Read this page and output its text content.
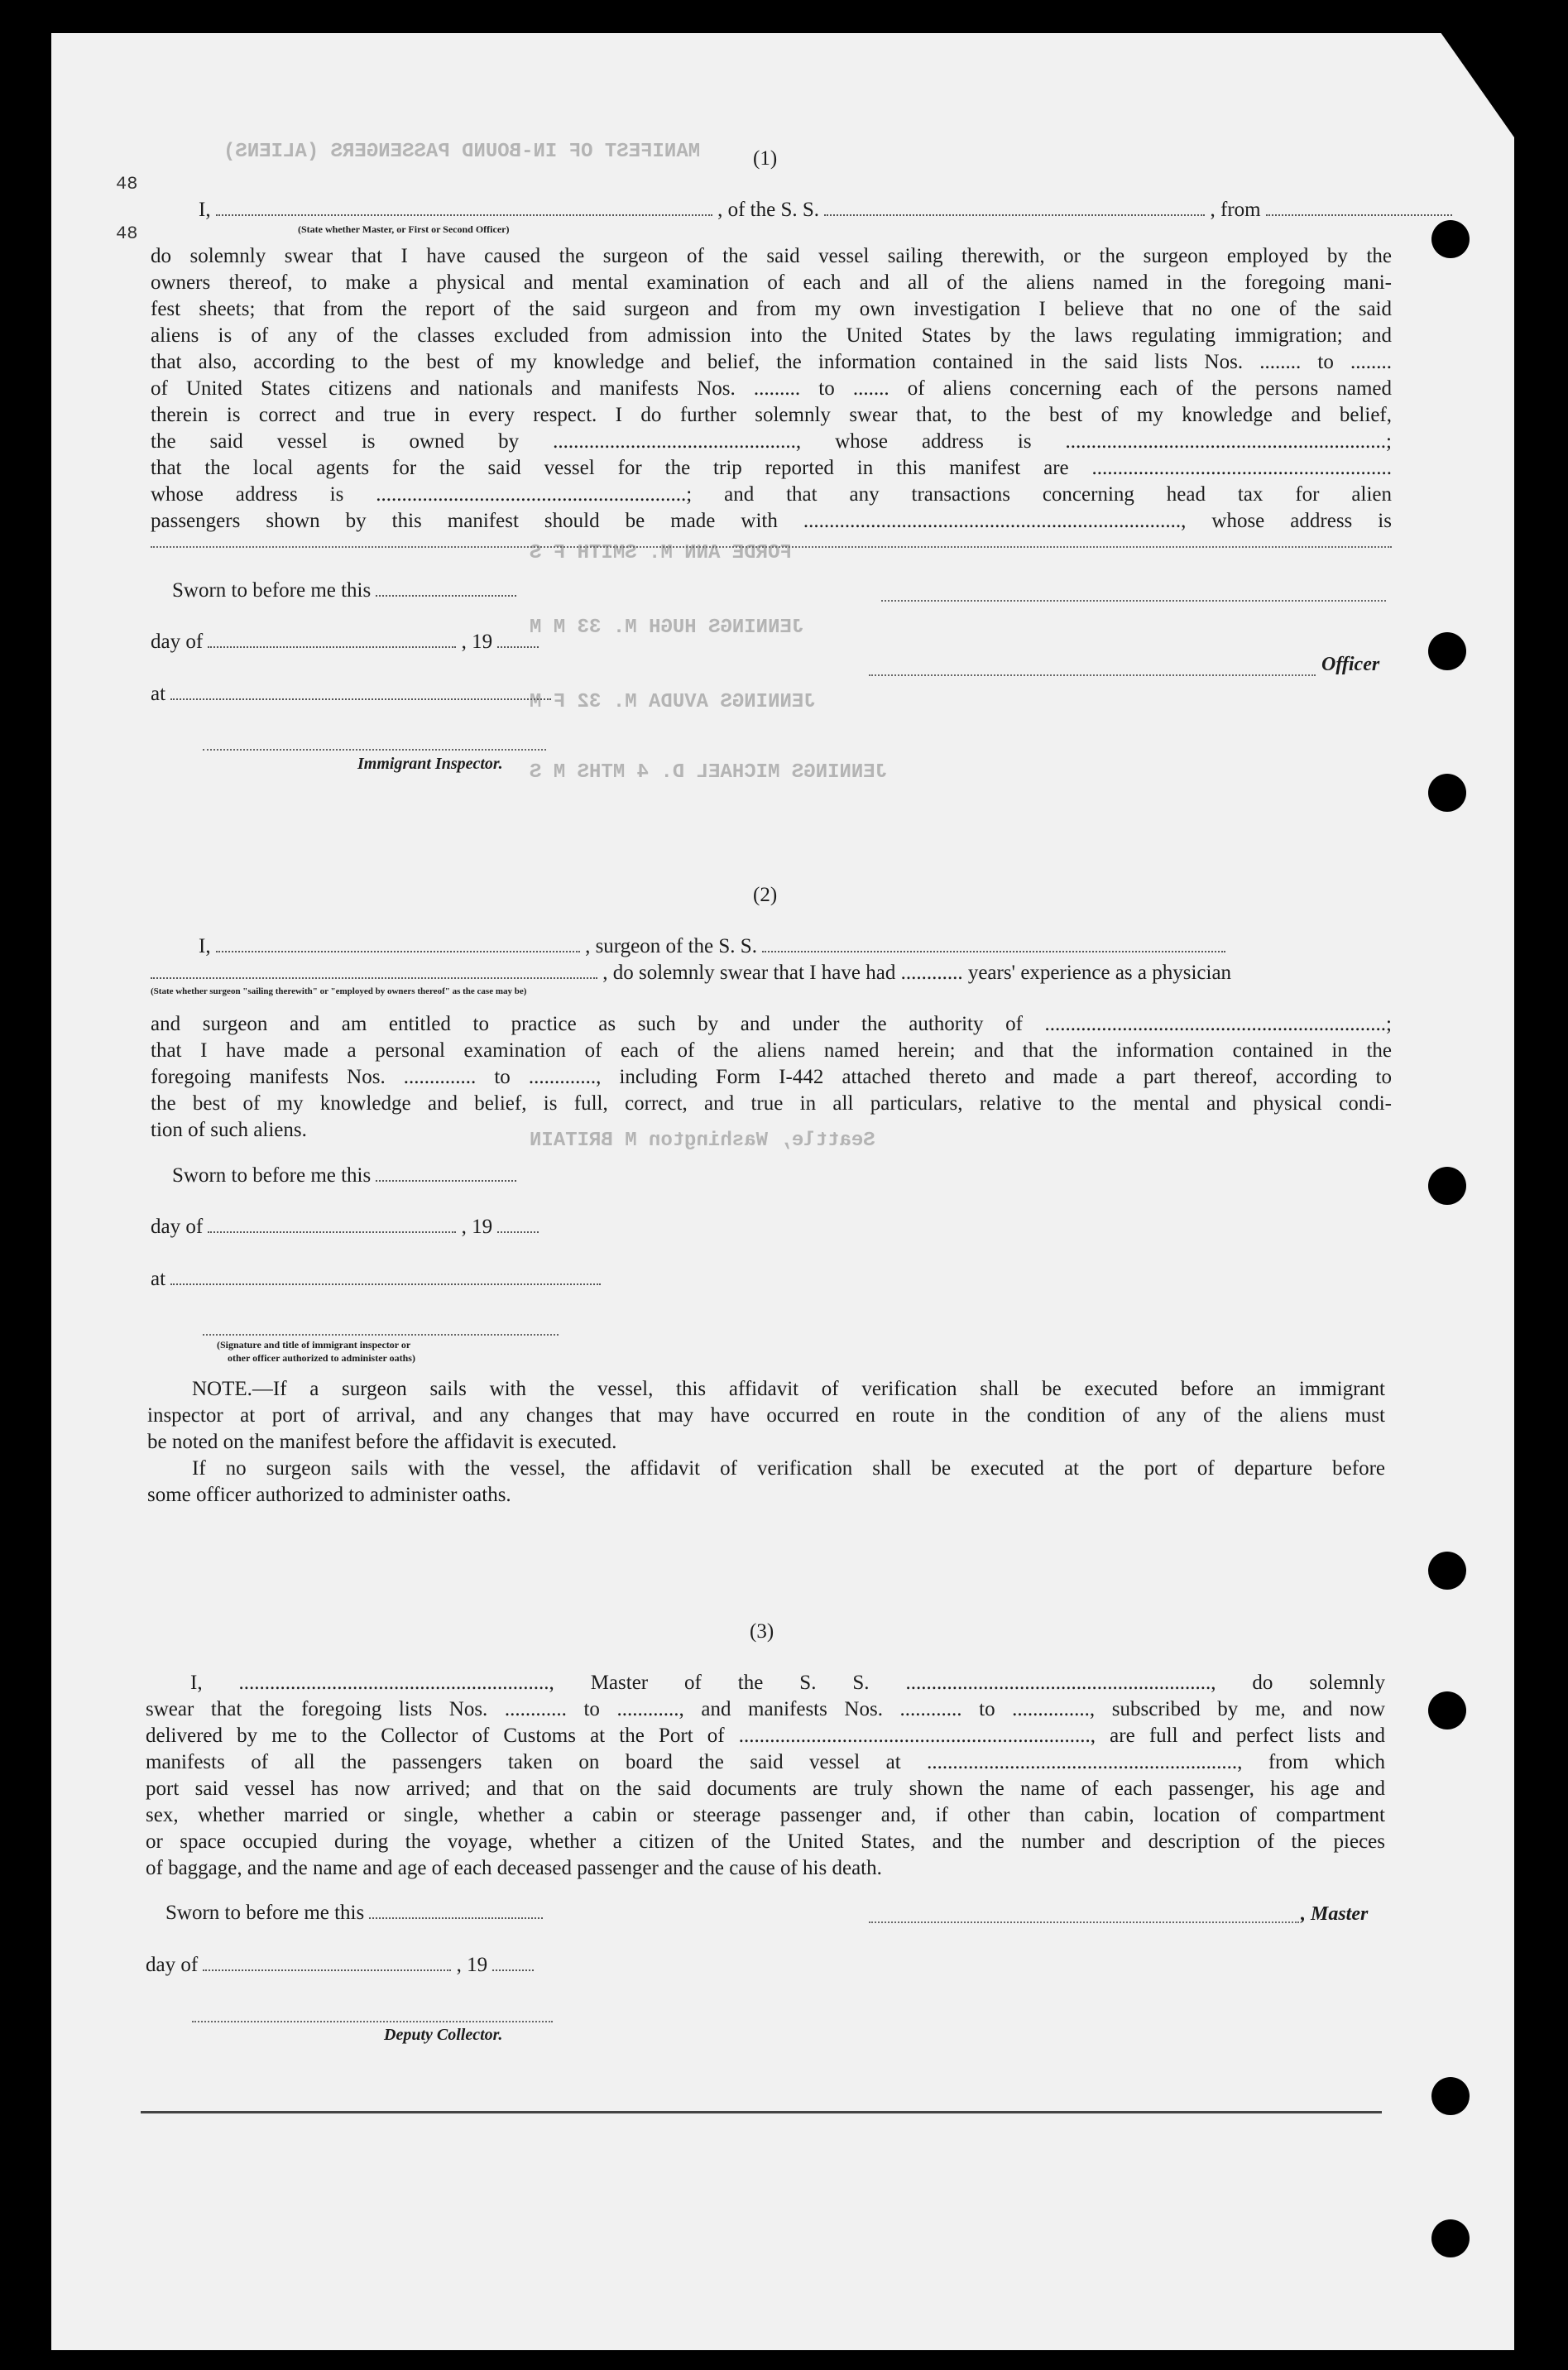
MANIFEST OF IN-BOUND PASSENGERS (ALIENS)
FORDE ANN M. SMITH F S
JENNINGS HUGH M. 33 M M
JENNINGS AVUDA M. 32 F M
JENNINGS MICHAEL D. 4 MTHS M S
Seattle, Washington M BRITAIN
48
48
(1)
I,	, of the S. S.	, from
(State whether Master, or First or Second Officer)
do solemnly swear that I have caused the surgeon of the said vessel sailing therewith, or the surgeon employed by the
owners thereof, to make a physical and mental examination of each and all of the aliens named in the foregoing mani-
fest sheets; that from the report of the said surgeon and from my own investigation I believe that no one of the said
aliens is of any of the classes excluded from admission into the United States by the laws regulating immigration; and
that also, according to the best of my knowledge and belief, the information contained in the said lists Nos. ........ to ........
of United States citizens and nationals and manifests Nos. ......... to ....... of aliens concerning each of the persons named
therein is correct and true in every respect. I do further solemnly swear that, to the best of my knowledge and belief,
the said vessel is owned by ..............................................., whose address is ..............................................................;
that the local agents for the said vessel for the trip reported in this manifest are ..........................................................
whose address is ............................................................; and that any transactions concerning head tax for alien
passengers shown by this manifest should be made with ........................................................................., whose address is
Sworn to before me this
day of	, 19
Officer
at
Immigrant Inspector.
(2)
I,	, surgeon of the S. S.
, do solemnly swear that I have had ............ years' experience as a physician
(State whether surgeon "sailing therewith" or "employed by owners thereof" as the case may be)
and surgeon and am entitled to practice as such by and under the authority of ..................................................................;
that I have made a personal examination of each of the aliens named herein; and that the information contained in the
foregoing manifests Nos. .............. to ............., including Form I-442 attached thereto and made a part thereof, according to
the best of my knowledge and belief, is full, correct, and true in all particulars, relative to the mental and physical condi-
tion of such aliens.
Sworn to before me this
day of	, 19
at
(Signature and title of immigrant inspector or
other officer authorized to administer oaths)
NOTE.—If a surgeon sails with the vessel, this affidavit of verification shall be executed before an immigrant
inspector at port of arrival, and any changes that may have occurred en route in the condition of any of the aliens must
be noted on the manifest before the affidavit is executed.
If no surgeon sails with the vessel, the affidavit of verification shall be executed at the port of departure before
some officer authorized to administer oaths.
(3)
I, ............................................................, Master of the S. S. ..........................................................., do solemnly
swear that the foregoing lists Nos. ............ to ............, and manifests Nos. ............ to ..............., subscribed by me, and now
delivered by me to the Collector of Customs at the Port of ...................................................................., are full and perfect lists and
manifests of all the passengers taken on board the said vessel at ............................................................, from which
port said vessel has now arrived; and that on the said documents are truly shown the name of each passenger, his age and
sex, whether married or single, whether a cabin or steerage passenger and, if other than cabin, location of compartment
or space occupied during the voyage, whether a citizen of the United States, and the number and description of the pieces
of baggage, and the name and age of each deceased passenger and the cause of his death.
Sworn to before me this	, Master
day of	, 19
Deputy Collector.
